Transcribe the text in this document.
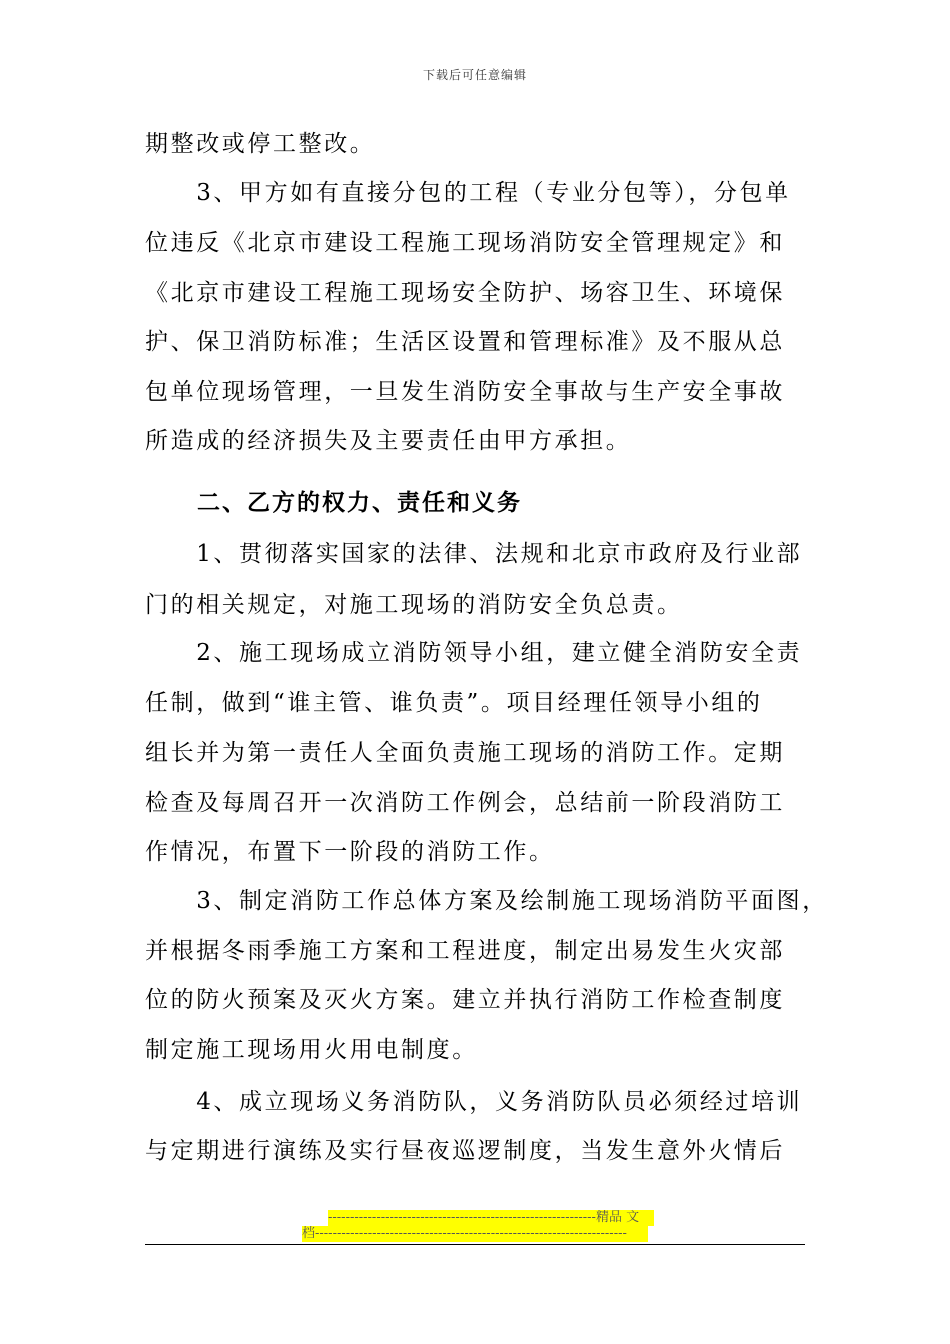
下载后可任意编辑
期整改或停工整改。
　　3、甲方如有直接分包的工程（专业分包等），分包单
位违反《北京市建设工程施工现场消防安全管理规定》和
《北京市建设工程施工现场安全防护、场容卫生、环境保
护、保卫消防标准；生活区设置和管理标准》及不服从总
包单位现场管理，一旦发生消防安全事故与生产安全事故
所造成的经济损失及主要责任由甲方承担。
二、乙方的权力、责任和义务
　　1、贯彻落实国家的法律、法规和北京市政府及行业部
门的相关规定，对施工现场的消防安全负总责。
　　2、施工现场成立消防领导小组，建立健全消防安全责
任制，做到“谁主管、谁负责”。项目经理任领导小组的
组长并为第一责任人全面负责施工现场的消防工作。定期
检查及每周召开一次消防工作例会，总结前一阶段消防工
作情况，布置下一阶段的消防工作。
　　3、制定消防工作总体方案及绘制施工现场消防平面图，
并根据冬雨季施工方案和工程进度，制定出易发生火灾部
位的防火预案及灭火方案。建立并执行消防工作检查制度
制定施工现场用火用电制度。
　　4、成立现场义务消防队，义务消防队员必须经过培训
与定期进行演练及实行昼夜巡逻制度，当发生意外火情后
-------------------------------------------------------------精品 文
档-----------------------------------------------------------------------
